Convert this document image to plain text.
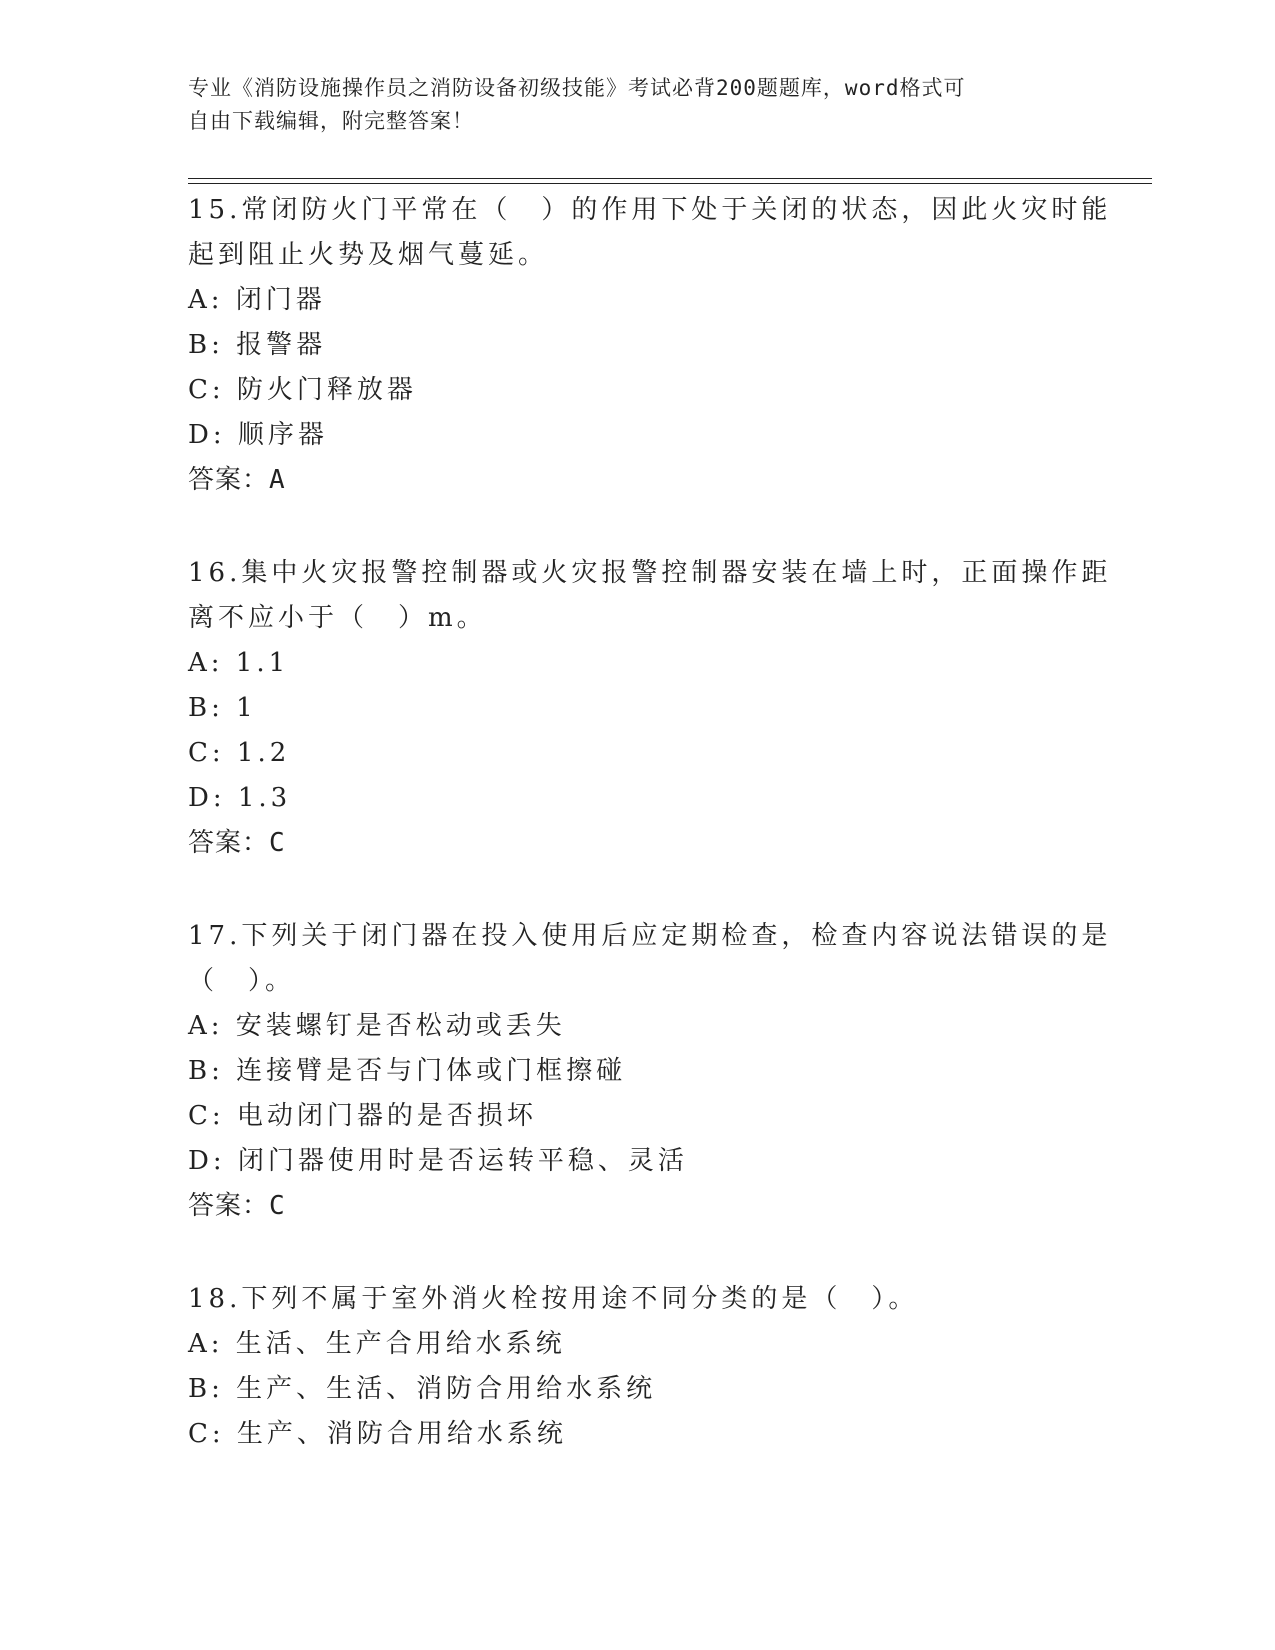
专业《消防设施操作员之消防设备初级技能》考试必背200题题库，word格式可
自由下载编辑，附完整答案！
15.常闭防火门平常在（　）的作用下处于关闭的状态，因此火灾时能
起到阻止火势及烟气蔓延。
A: 闭门器
B: 报警器
C: 防火门释放器
D: 顺序器
答案：A
16.集中火灾报警控制器或火灾报警控制器安装在墙上时，正面操作距
离不应小于（　）m。
A: 1.1
B: 1
C: 1.2
D: 1.3
答案：C
17.下列关于闭门器在投入使用后应定期检查，检查内容说法错误的是
（　）。
A: 安装螺钉是否松动或丢失
B: 连接臂是否与门体或门框擦碰
C: 电动闭门器的是否损坏
D: 闭门器使用时是否运转平稳、灵活
答案：C
18.下列不属于室外消火栓按用途不同分类的是（　）。
A: 生活、生产合用给水系统
B: 生产、生活、消防合用给水系统
C: 生产、消防合用给水系统
